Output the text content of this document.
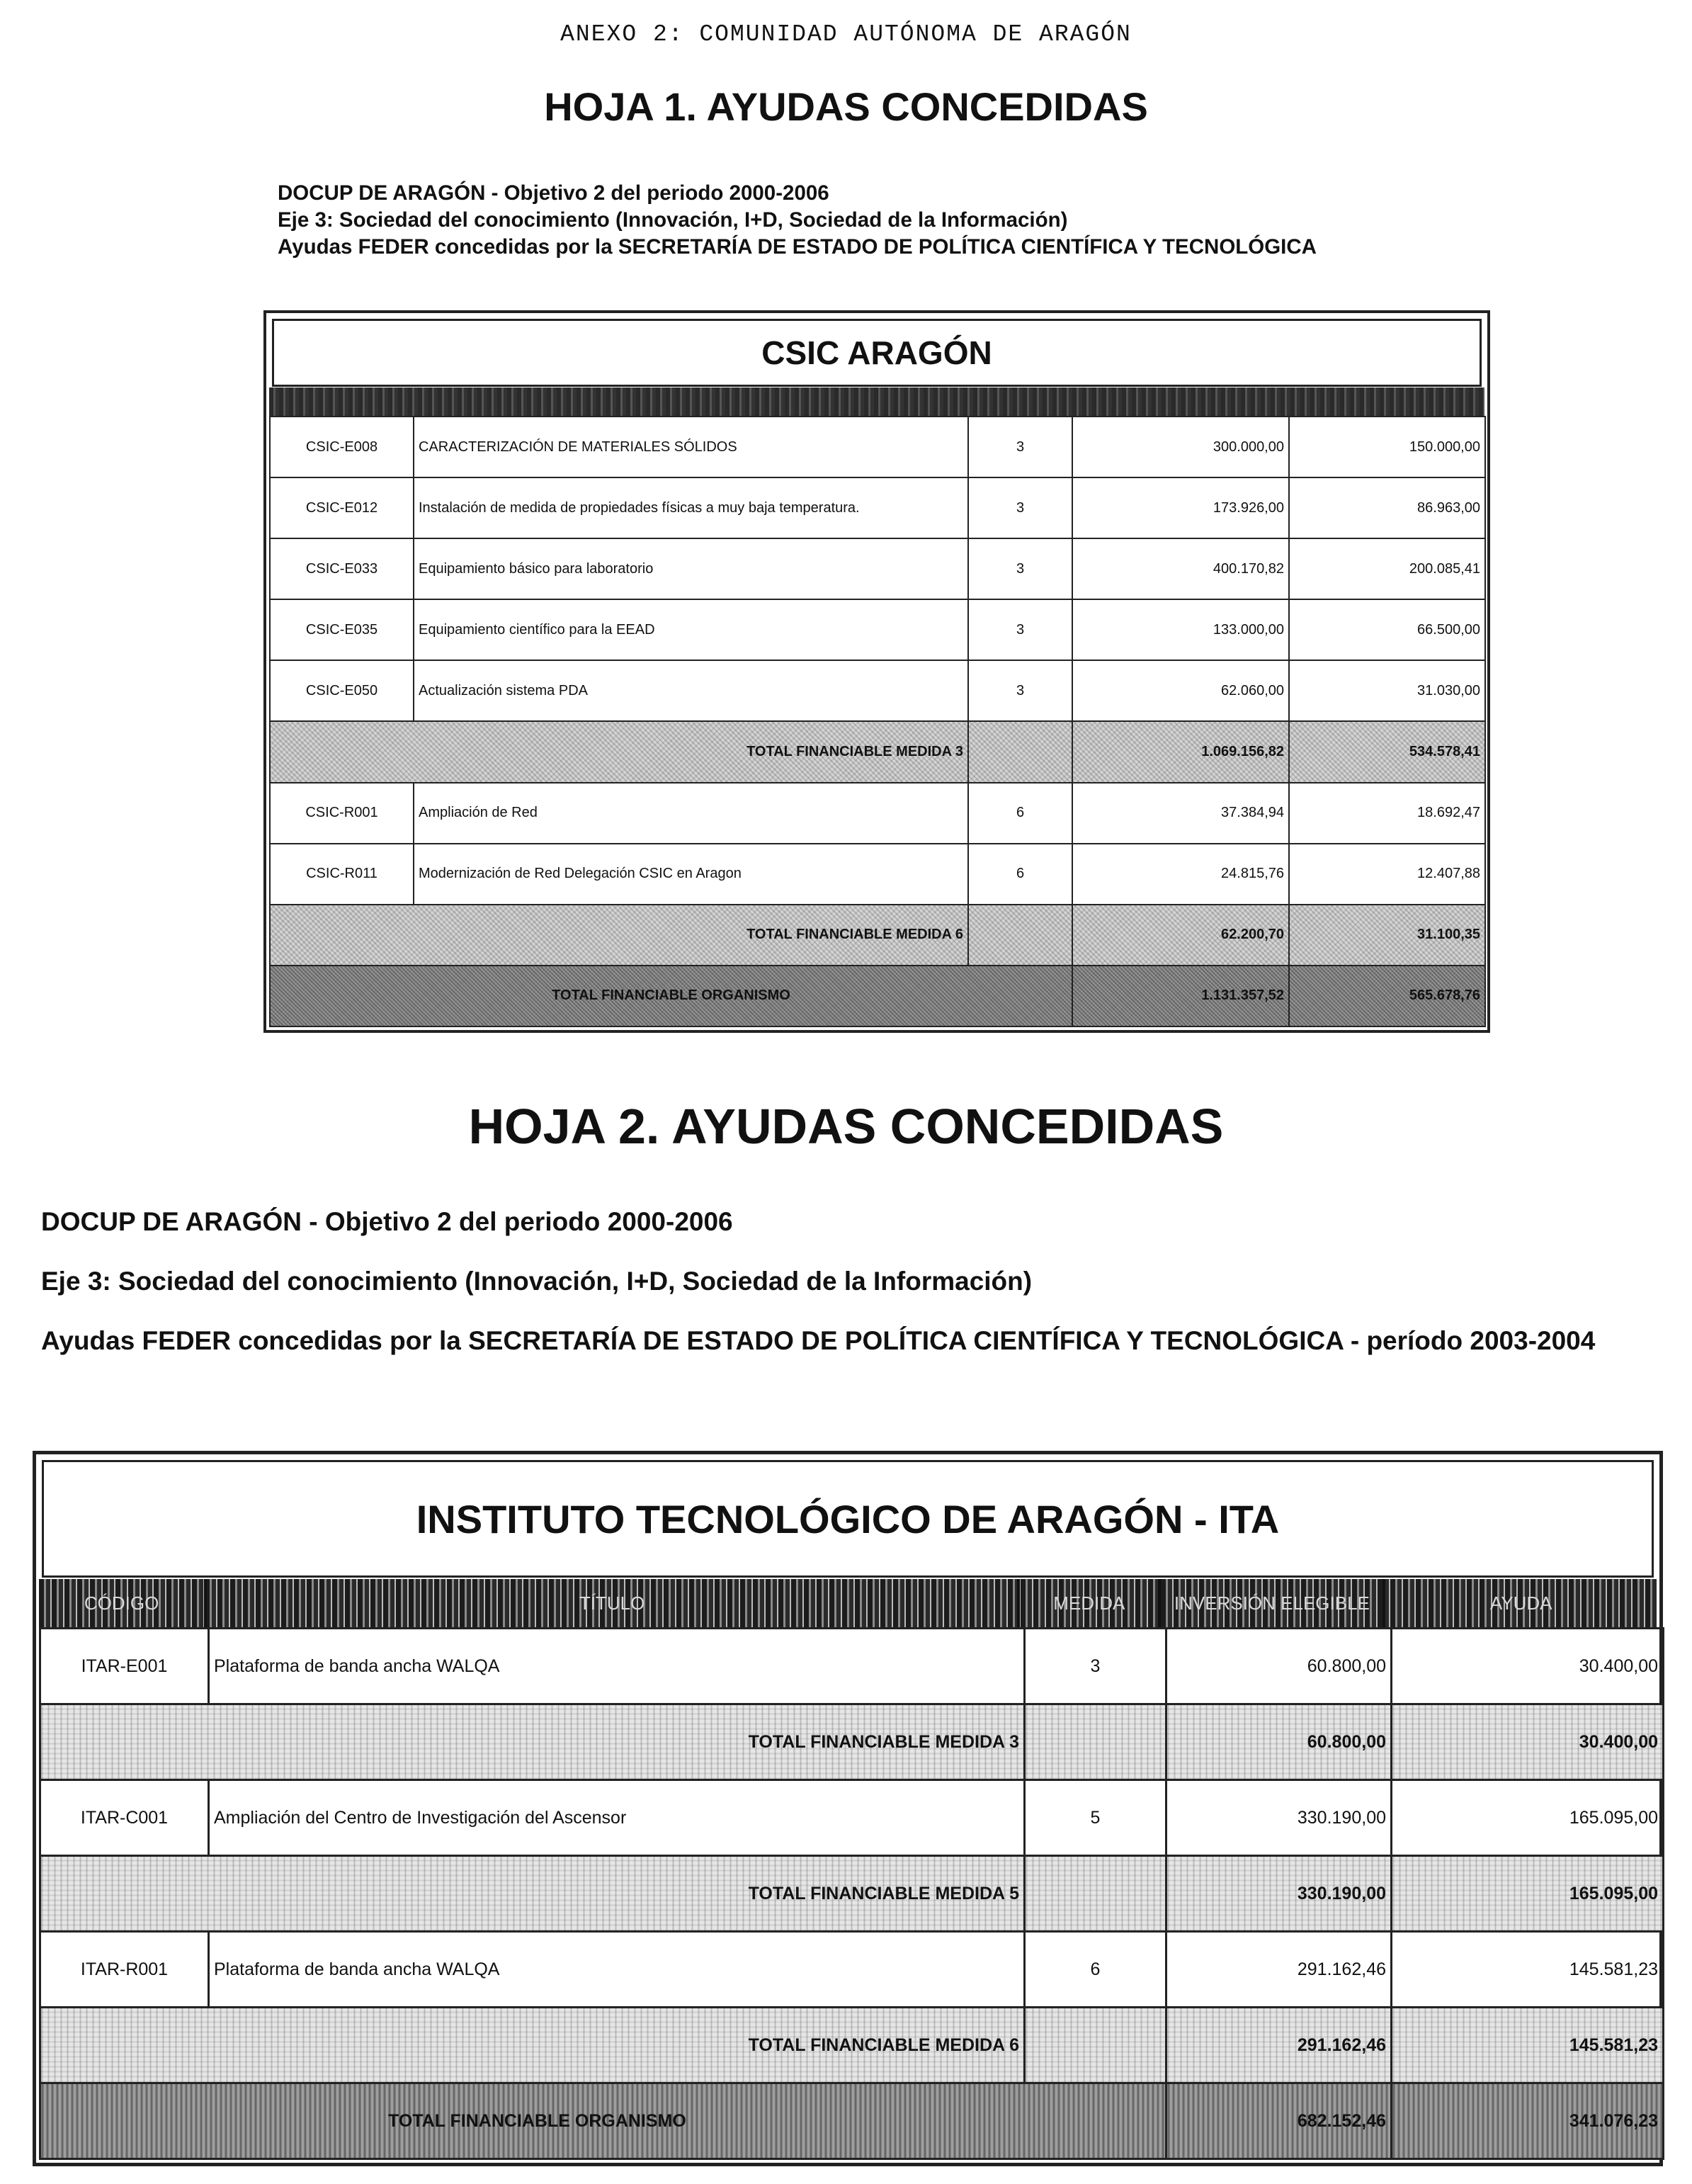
ANEXO 2: COMUNIDAD AUTÓNOMA DE ARAGÓN
HOJA 1. AYUDAS CONCEDIDAS
DOCUP DE ARAGÓN - Objetivo 2 del periodo 2000-2006
Eje 3: Sociedad del conocimiento (Innovación, I+D, Sociedad de la Información)
Ayudas FEDER concedidas por la SECRETARÍA DE ESTADO DE POLÍTICA CIENTÍFICA Y TECNOLÓGICA
CSIC ARAGÓN
CSIC-E008	CARACTERIZACIÓN DE MATERIALES SÓLIDOS	3	300.000,00	150.000,00
CSIC-E012	Instalación de medida de propiedades físicas a muy baja temperatura.	3	173.926,00	86.963,00
CSIC-E033	Equipamiento básico para laboratorio	3	400.170,82	200.085,41
CSIC-E035	Equipamiento científico para la EEAD	3	133.000,00	66.500,00
CSIC-E050	Actualización sistema PDA	3	62.060,00	31.030,00
TOTAL FINANCIABLE MEDIDA 3			1.069.156,82	534.578,41
CSIC-R001	Ampliación de Red	6	37.384,94	18.692,47
CSIC-R011	Modernización de Red Delegación CSIC en Aragon	6	24.815,76	12.407,88
TOTAL FINANCIABLE MEDIDA 6			62.200,70	31.100,35
TOTAL FINANCIABLE ORGANISMO			1.131.357,52	565.678,76
HOJA 2. AYUDAS CONCEDIDAS
DOCUP DE ARAGÓN - Objetivo 2 del periodo 2000-2006
Eje 3: Sociedad del conocimiento (Innovación, I+D, Sociedad de la Información)
Ayudas FEDER concedidas por la SECRETARÍA DE ESTADO DE POLÍTICA CIENTÍFICA Y TECNOLÓGICA - período 2003-2004
INSTITUTO TECNOLÓGICO DE ARAGÓN - ITA
CÓDIGO	TÍTULO	MEDIDA	INVERSIÓN ELEGIBLE	AYUDA
ITAR-E001	Plataforma de banda ancha WALQA	3	60.800,00	30.400,00
TOTAL FINANCIABLE MEDIDA 3			60.800,00	30.400,00
ITAR-C001	Ampliación del Centro de Investigación del Ascensor	5	330.190,00	165.095,00
TOTAL FINANCIABLE MEDIDA 5			330.190,00	165.095,00
ITAR-R001	Plataforma de banda ancha WALQA	6	291.162,46	145.581,23
TOTAL FINANCIABLE MEDIDA 6			291.162,46	145.581,23
TOTAL FINANCIABLE ORGANISMO			682.152,46	341.076,23
